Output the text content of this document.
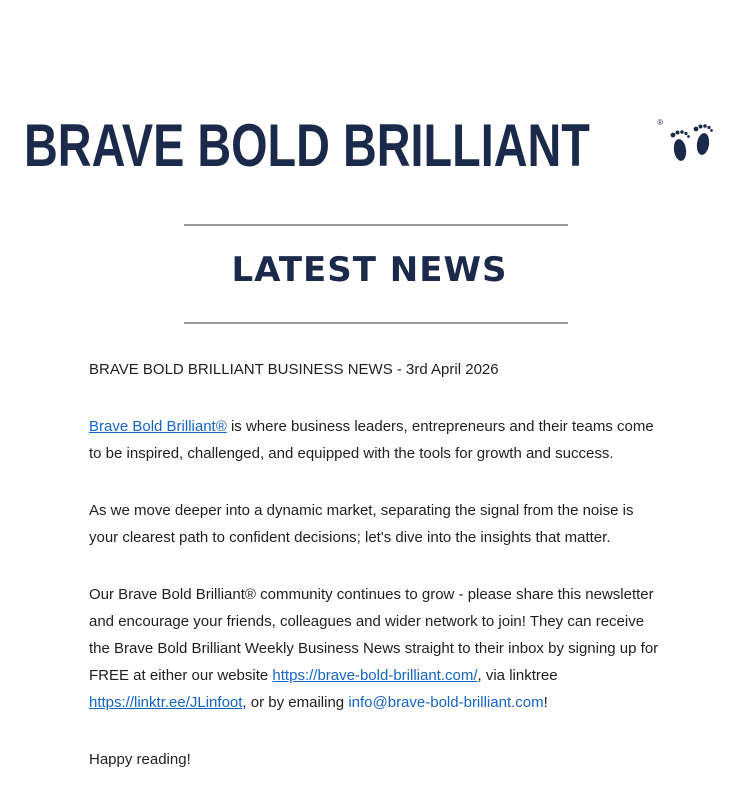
BRAVE BOLD BRILLIANT	®
LATEST NEWS

BRAVE BOLD BRILLIANT BUSINESS NEWS - 3rd April 2026

Brave Bold Brilliant® is where business leaders, entrepreneurs and their teams come to be inspired, challenged, and equipped with the tools for growth and success.

As we move deeper into a dynamic market, separating the signal from the noise is your clearest path to confident decisions; let's dive into the insights that matter.

Our Brave Bold Brilliant® community continues to grow - please share this newsletter and encourage your friends, colleagues and wider network to join! They can receive the Brave Bold Brilliant Weekly Business News straight to their inbox by signing up for FREE at either our website https://brave-bold-brilliant.com/, via linktree https://linktr.ee/JLinfoot, or by emailing info@brave-bold-brilliant.com!

Happy reading!
